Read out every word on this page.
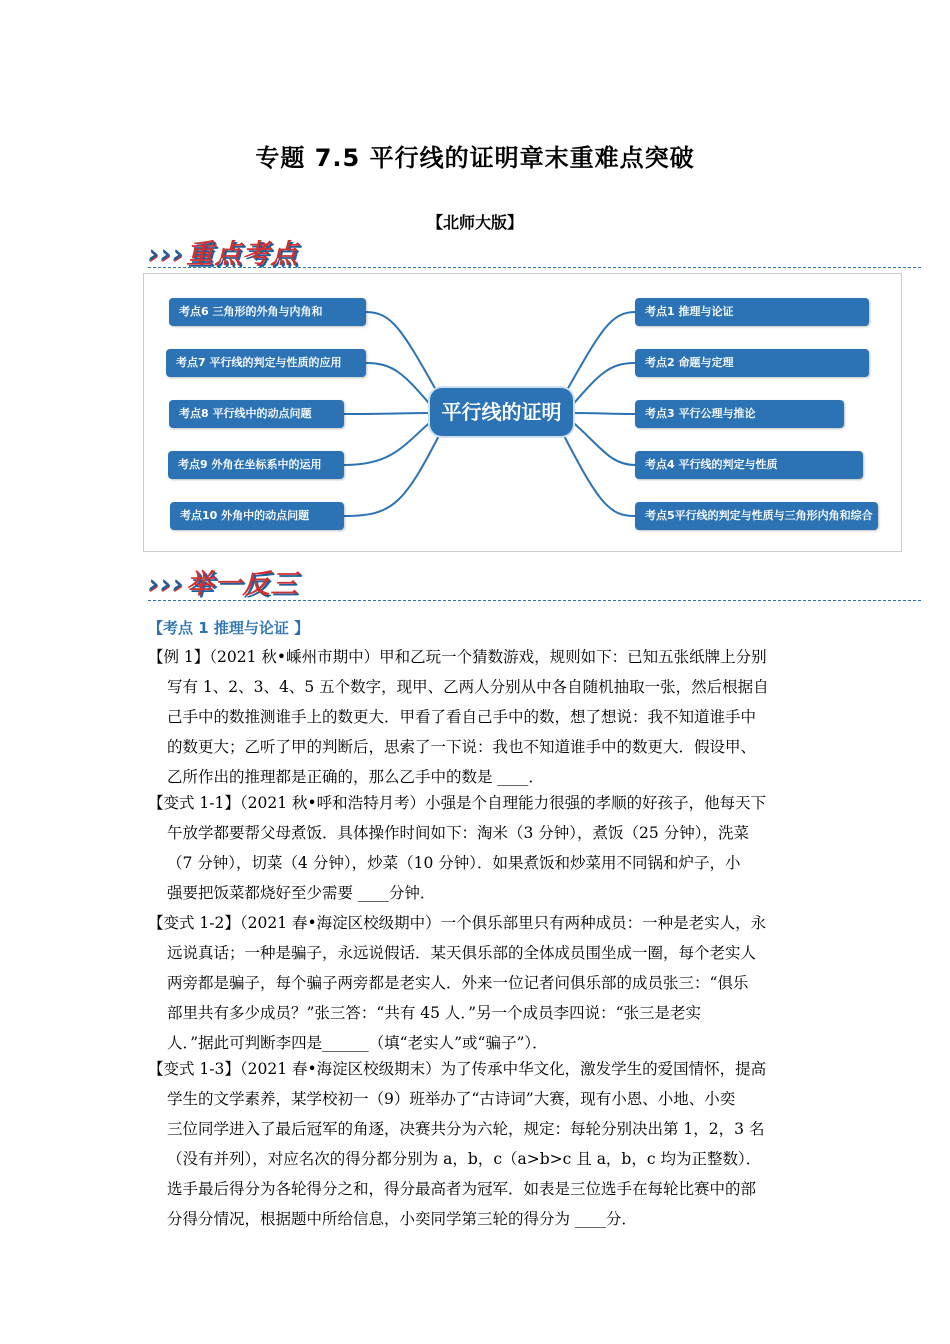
专题 7.5 平行线的证明章末重难点突破
【北师大版】
›››重点考点
考点6 三角形的外角与内角和
考点7 平行线的判定与性质的应用
考点8 平行线中的动点问题
考点9 外角在坐标系中的运用
考点10 外角中的动点问题
平行线的证明
考点1 推理与论证
考点2 命题与定理
考点3 平行公理与推论
考点4 平行线的判定与性质
考点5平行线的判定与性质与三角形内角和综合
›››举一反三
【考点 1 推理与论证 】
【例 1】（2021 秋•嵊州市期中）甲和乙玩一个猜数游戏，规则如下：已知五张纸牌上分别
写有 1、2、3、4、5 五个数字，现甲、乙两人分别从中各自随机抽取一张，然后根据自
己手中的数推测谁手上的数更大．甲看了看自己手中的数，想了想说：我不知道谁手中
的数更大；乙听了甲的判断后，思索了一下说：我也不知道谁手中的数更大．假设甲、
乙所作出的推理都是正确的，那么乙手中的数是 ____．
【变式 1-1】（2021 秋•呼和浩特月考）小强是个自理能力很强的孝顺的好孩子，他每天下
午放学都要帮父母煮饭．具体操作时间如下：淘米（3 分钟），煮饭（25 分钟），洗菜
（7 分钟），切菜（4 分钟），炒菜（10 分钟）．如果煮饭和炒菜用不同锅和炉子，小
强要把饭菜都烧好至少需要 ____分钟．
【变式 1-2】（2021 春•海淀区校级期中）一个俱乐部里只有两种成员：一种是老实人，永
远说真话；一种是骗子，永远说假话．某天俱乐部的全体成员围坐成一圈，每个老实人
两旁都是骗子，每个骗子两旁都是老实人．外来一位记者问俱乐部的成员张三：“俱乐
部里共有多少成员？”张三答：“共有 45 人．”另一个成员李四说：“张三是老实
人．”据此可判断李四是______（填“老实人”或“骗子”）．
【变式 1-3】（2021 春•海淀区校级期末）为了传承中华文化，激发学生的爱国情怀，提高
学生的文学素养，某学校初一（9）班举办了“古诗词”大赛，现有小恩、小地、小奕
三位同学进入了最后冠军的角逐，决赛共分为六轮，规定：每轮分别决出第 1，2，3 名
（没有并列），对应名次的得分都分别为 a，b，c（a>b>c 且 a，b，c 均为正整数）．
选手最后得分为各轮得分之和，得分最高者为冠军．如表是三位选手在每轮比赛中的部
分得分情况，根据题中所给信息，小奕同学第三轮的得分为 ____分．
